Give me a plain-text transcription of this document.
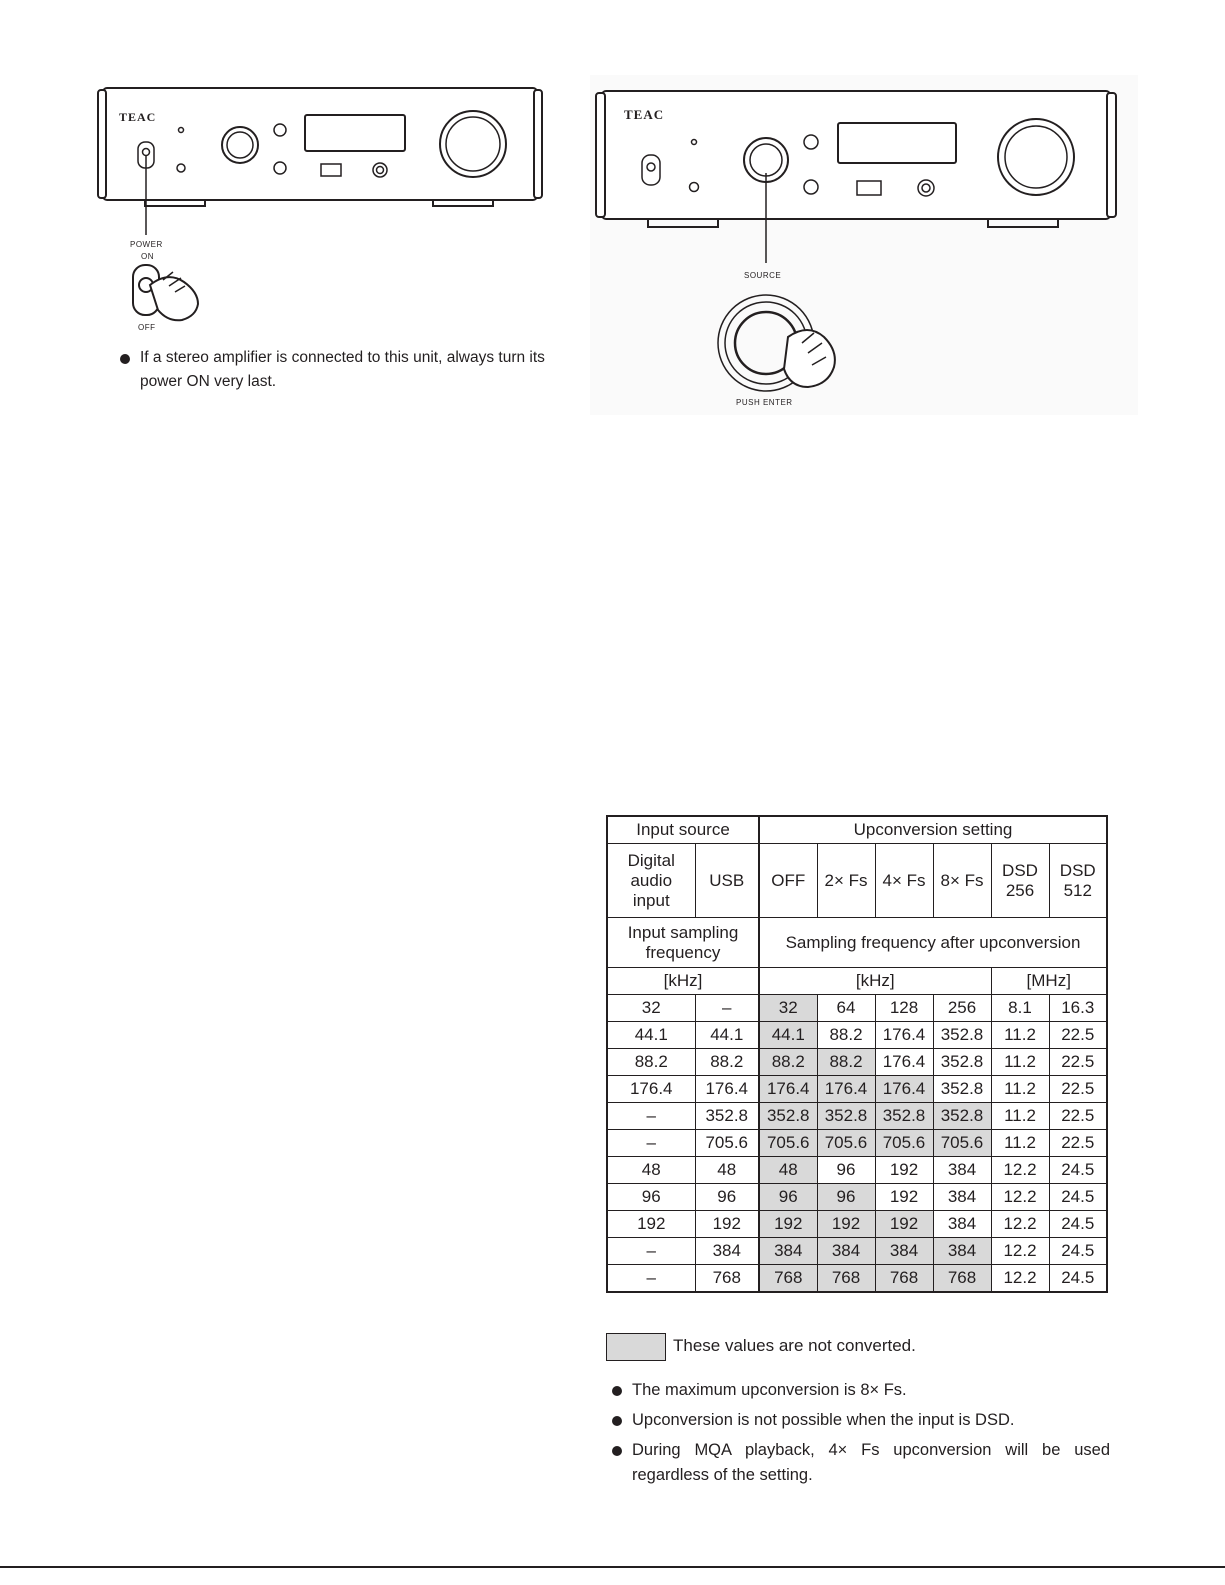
TEAC
POWER
ON
OFF
If a stereo amplifier is connected to this unit, always turn its power ON very last.
TEAC
SOURCE
PUSH ENTER
Input source		Upconversion setting					
Digital audio input	USB	OFF	2× Fs	4× Fs	8× Fs	DSD 256	DSD 512
Input sampling frequency		Sampling frequency after upconversion					
[kHz]		[kHz]				[MHz]	
32	–	32	64	128	256	8.1	16.3
44.1	44.1	44.1	88.2	176.4	352.8	11.2	22.5
88.2	88.2	88.2	88.2	176.4	352.8	11.2	22.5
176.4	176.4	176.4	176.4	176.4	352.8	11.2	22.5
–	352.8	352.8	352.8	352.8	352.8	11.2	22.5
–	705.6	705.6	705.6	705.6	705.6	11.2	22.5
48	48	48	96	192	384	12.2	24.5
96	96	96	96	192	384	12.2	24.5
192	192	192	192	192	384	12.2	24.5
–	384	384	384	384	384	12.2	24.5
–	768	768	768	768	768	12.2	24.5
These values are not converted.
The maximum upconversion is 8× Fs.
Upconversion is not possible when the input is DSD.
During MQA playback, 4× Fs upconversion will be used regardless of the setting.
